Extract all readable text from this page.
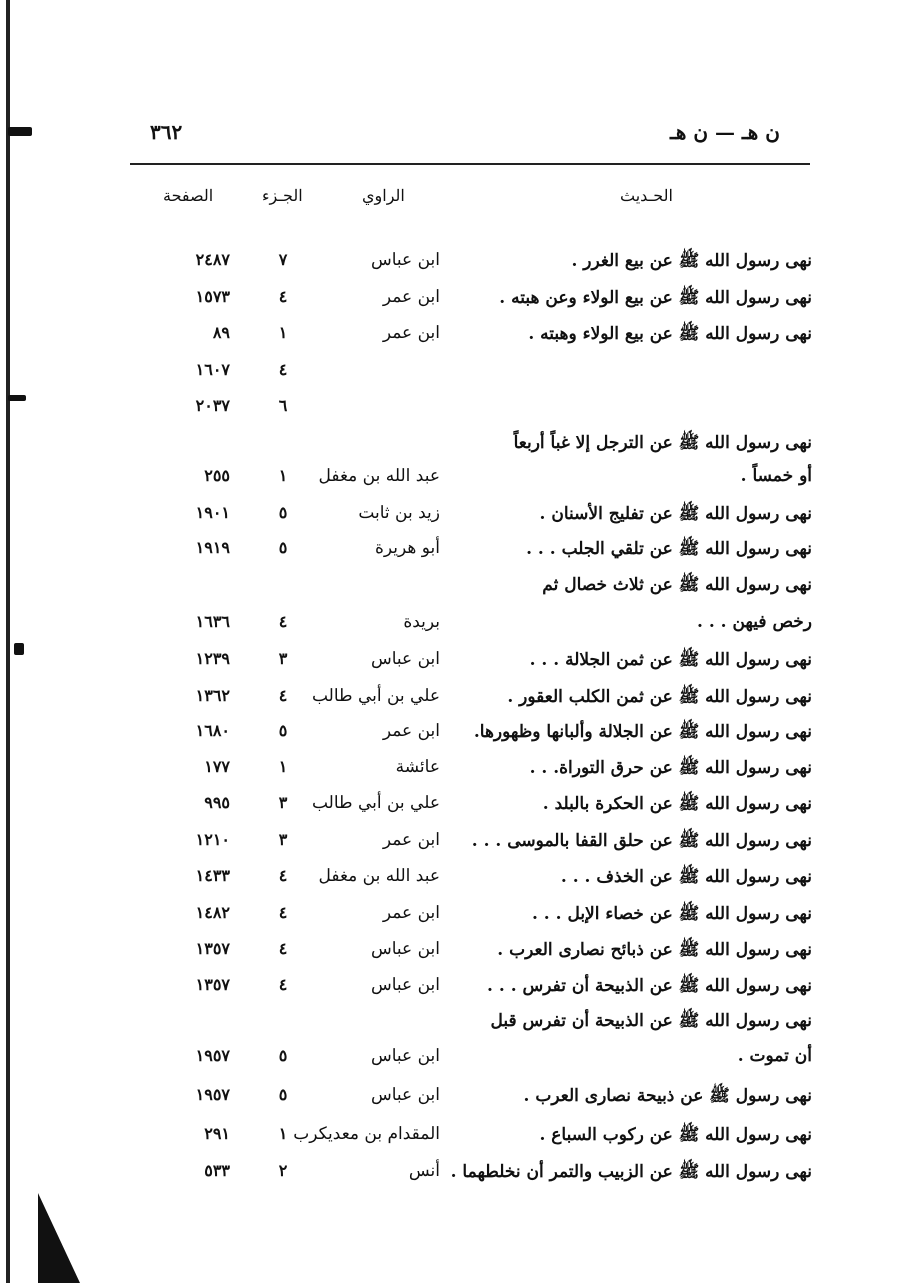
ن هـ — ن هـ
٣٦٢
الحـديث
الراوي
الجـزء
الصفحة
نهى رسول الله ﷺ عن بيع الغرر .
ابن عباس
٧
٢٤٨٧
نهى رسول الله ﷺ عن بيع الولاء وعن هبته .
ابن عمر
٤
١٥٧٣
نهى رسول الله ﷺ عن بيع الولاء وهبته .
ابن عمر
١
٨٩
٤
١٦٠٧
٦
٢٠٣٧
نهى رسول الله ﷺ عن الترجل إلا غباً أربعاً
أو خمساً .
عبد الله بن مغفل
١
٢٥٥
نهى رسول الله ﷺ عن تفليج الأسنان .
زيد بن ثابت
٥
١٩٠١
نهى رسول الله ﷺ عن تلقي الجلب . . .
أبو هريرة
٥
١٩١٩
نهى رسول الله ﷺ عن ثلاث خصال ثم
رخص فيهن . . .
بريدة
٤
١٦٣٦
نهى رسول الله ﷺ عن ثمن الجلالة . . .
ابن عباس
٣
١٢٣٩
نهى رسول الله ﷺ عن ثمن الكلب العقور .
علي بن أبي طالب
٤
١٣٦٢
نهى رسول الله ﷺ عن الجلالة وألبانها وظهورها.
ابن عمر
٥
١٦٨٠
نهى رسول الله ﷺ عن حرق التوراة. . .
عائشة
١
١٧٧
نهى رسول الله ﷺ عن الحكرة بالبلد .
علي بن أبي طالب
٣
٩٩٥
نهى رسول الله ﷺ عن حلق القفا بالموسى . . .
ابن عمر
٣
١٢١٠
نهى رسول الله ﷺ عن الخذف . . .
عبد الله بن مغفل
٤
١٤٣٣
نهى رسول الله ﷺ عن خصاء الإبل . . .
ابن عمر
٤
١٤٨٢
نهى رسول الله ﷺ عن ذبائح نصارى العرب .
ابن عباس
٤
١٣٥٧
نهى رسول الله ﷺ عن الذبيحة أن تفرس . . .
ابن عباس
٤
١٣٥٧
نهى رسول الله ﷺ عن الذبيحة أن تفرس قبل
أن تموت .
ابن عباس
٥
١٩٥٧
نهى رسول ﷺ عن ذبيحة نصارى العرب .
ابن عباس
٥
١٩٥٧
نهى رسول الله ﷺ عن ركوب السباع .
المقدام بن معديكرب
١
٢٩١
نهى رسول الله ﷺ عن الزبيب والتمر أن نخلطهما .
أنس
٢
٥٣٣
